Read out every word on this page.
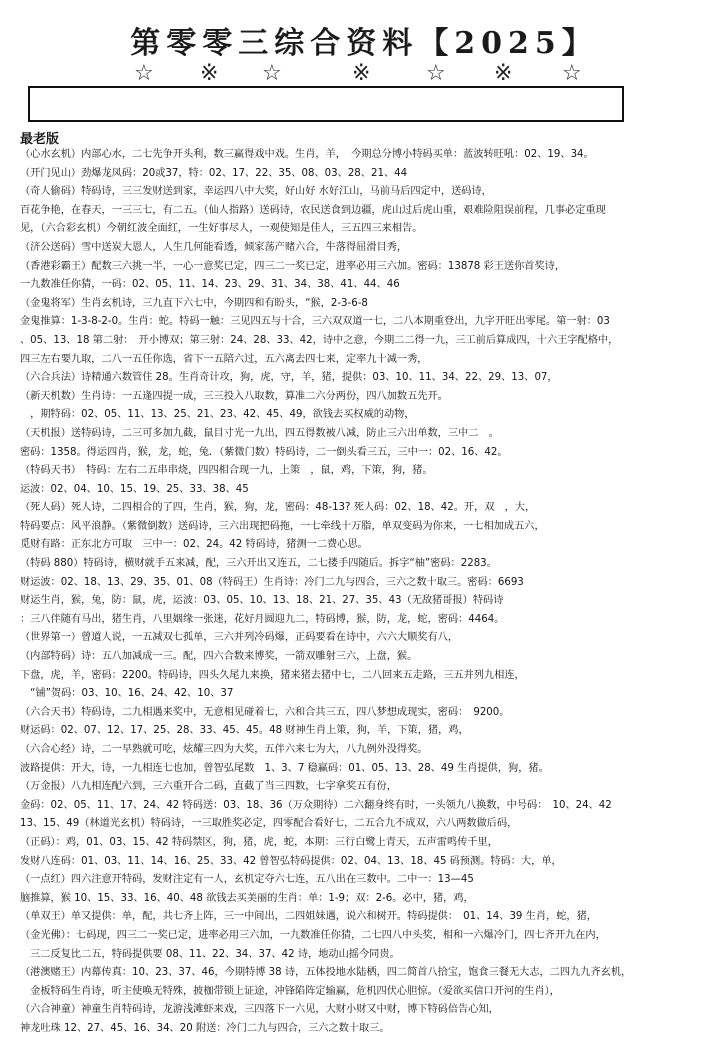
第零零三综合资料【2025】
☆ ※ ☆	※	☆ ※ ☆
最老版

（心水玄机）内部心水，二七先争开头利，数三赢得戏中戏。生肖，羊，　今期总分博小特码买单：蓝波转旺吼：02、19、34。

（开门见山）劲爆龙凤码：20或37，特：02、17、22、35、08、03、28、21、44

（奇人偷码）特码诗，三三发财送到家，幸运四八中大奖，好山好 水好江山，马前马后四定中，送码诗，

百花争艳，在春天，一三三七，有二五。（仙人指路）送码诗，农民送食到边疆，虎山过后虎山重，艰难险阻误前程，几事必定重现

见，（六合彩玄机）今朝红波全面红，一生好事尽人，一观使知是佳人，三五四三来相告。

（济公送码）雪中送炭大恩人，人生几何能看透，倾家荡产赌六合，牛落得屈滑目秀，

（香港彩霸王）配数三六挑一半，一心一意奖已定，四三二一奖已定，进率必用三六加。密码：13878 彩王送你首奖诗，

一九数准任你猜，一码：02、05、11、14、23、29、31、34、38、41、44、46

（金鬼将军）生肖玄机诗，三九直下六七中，今期四和有盼头，“猴，2-3-6-8

金鬼推算：1-3-8-2-0。生肖：蛇。特码一触：三见四五与十合，三六双双道一七，二八本期重登出，九字开旺出零尾。第一射：03

、05、13、18 第二射：　开小博双；第三射：24、28、33、42，诗中之意，今期二二得一九，三工前后算成四，十六王字配格中，

四三左右要九取，二八一五任你选，省下一五陪六过，五六离去四七来，定率九十减一秀，

（六合兵法）诗精通六数管住 28。生肖奇计攻，狗，虎，守，羊，猪，提供：03、10、11、34、22、29、13、07，

（新天机数）生肖诗：一五逢四提一成，三三投入八取数，算准二六分两份，四八加数五先开。

　，期特码：02、05、11、13、25、21、23、42、45、49，欲钱去买权威的动物，

（天机报）送特码诗，二三可多加九截，鼠目寸光一九出，四五得数被八减，防止三六出单数，三中二　。

密码：1358。得运四肖，猴，龙，蛇，兔．（紫微门数）特码诗，二一倒头看三五，三中一：02、16、42。

（特码天书）　特码：左右二五串串烧，四四相合现一九，上策　，鼠，鸡，下策，狗，猪。

运波：02、04、10、15、19、25、33、38、45

（死人码）死人诗，二四相合的了四，生肖，猴，狗，龙，密码：48-13? 死人码：02、18、42。开，双　，大，

特码要点：风平浪静。（紫微倒数）送码诗，三六出现把码拖，一七牵线十万脂，单双变码为你来，一七相加成五六，

觅财有路：正东北方可取　三中一：02、24。42 特码诗，猪测一二费心思。

（特码 880）特码诗，横财就手五来减，配，三六开出又连五，二七搂手四随后。拆字“柚”密码：2283。

财运波：02、18、13、29、35、01、08（特码王）生肖诗：冷门二九与四合，三六之数十取三。密码：6693

财运生肖，猴，兔，防：鼠，虎，运波：03、05、10、13、18、21、27、35、43（无敌猪哥报）特码诗

：三八伴随有马出，猪生肖，八里姻缘一张迷，花好月圆迎九二，特码博，猴，防，龙，蛇，密码：4464。

（世界第一）曾道人说，一五减双七孤单，三六并列冷码爆，正码要看在诗中，六六大顺奖有八，

（内部特码）诗：五八加减成一三。配，四六合数来博奖，一箭双雕射三六，上盘，猴。

下盘，虎，羊，密码：2200。特码诗，四头久尾九来换，猪来猪去猪中七，二八回来五走路，三五并列九相连，

　“铺”贺码：03、10、16、24、42、10、37

（六合天书）特码诗，二九相遇来奖中，无意相见碰着七，六和合共三五，四八梦想成现实，密码：　9200。

财运码：02、07、12、17、25、28、33、45、45。48 财神生肖上策，狗，羊，下策，猪，鸡，

（六合心经）诗，二一早熟就可吃，炫耀三四为大奖，五伴六来七为大，八九例外没得奖。

波路提供：开大，诗，一九相连七也加，曾智弘尾数　1、3、7 稳赢码：01、05、13、28、49 生肖提供，狗，猪。

（万金报）八九相连配六到，三六重开合二码，直截了当三四数，七字拿奖五有份，

金码：02、05、11、17、24、42 特码送：03、18、36（万众期待）二六翻身终有时，一头领九八换数，中号码：　10、24、42

13、15、49（林道光玄机）特码诗，一三取胜奖必定，四零配合看好七，二五合九不成双，六八两数做后码，

（正码）：鸡，01、03、15、42 特码禁区，狗，猪，虎，蛇，本期：三行白鹭上青天，五声雷鸣传千里，

发财八连码：01、03、11、14、16、25、33、42 曾智弘特码提供：02、04、13、18、45 码预测。特码：大，单，

（一点红）四六注意开特码，发财注定有一人，玄机定夺六七连，五八出在三数中。二中一：13—45

脑推算，猴 10、15、33、16、40、48 欲钱去买美丽的生肖：单：1-9；双：2-6。必中，猪，鸡，

（单双王）单又提供：单，配，共七齐上阵，三一中间出，二四姐妹遇，说六和树开。特码提供：　01、14、39 生肖，蛇，猪，

（金光佛）：七码现，四三二一奖已定，进率必用三六加，一九数准任你猜，二七四八中头奖，相和一六爆冷门，四七齐开九在内，

　三二反复比二五，特码提供要 08、11、22、34、37、42 诗，地动山摇今同贵。

（港澳赌王）内幕传真：10、23、37、46，今期特博 38 诗，五体投地水陆栖，四二简首八拾宝，饱食三餐无大志，二四九九齐玄机，

　金板特码生肖诗，听主使唤无特殊，披枷带锁上证途，冲锋陷阵定输赢，危机四伏心胆惊。（爱欲买信口开河的生肖），

（六合神童）神童生肖特码诗，龙游浅滩虾来戏，三四落下一六见，大财小财又中财，博下特码倍告心知，

神龙吐珠 12、27、45、16、34、20 附送：冷门二九与四合，三六之数十取三。
